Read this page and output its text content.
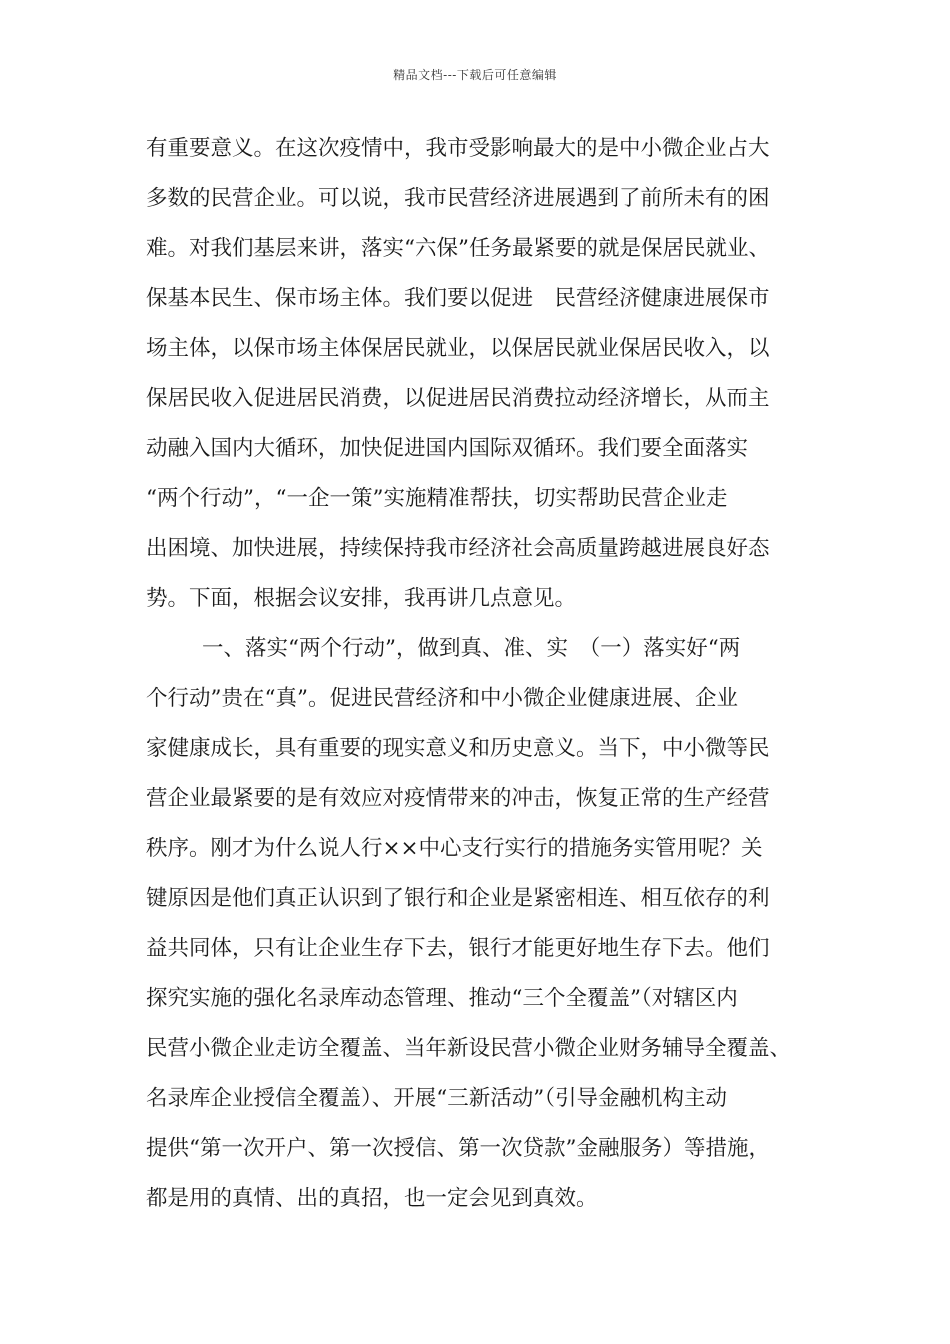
精品文档---下载后可任意编辑
有重要意义。在这次疫情中，我市受影响最大的是中小微企业占大
多数的民营企业。可以说，我市民营经济进展遇到了前所未有的困
难。对我们基层来讲，落实“六保”任务最紧要的就是保居民就业、
保基本民生、保市场主体。我们要以促进　民营经济健康进展保市
场主体，以保市场主体保居民就业，以保居民就业保居民收入，以
保居民收入促进居民消费，以促进居民消费拉动经济增长，从而主
动融入国内大循环，加快促进国内国际双循环。我们要全面落实
“两个行动”，“一企一策”实施精准帮扶，切实帮助民营企业走
出困境、加快进展，持续保持我市经济社会高质量跨越进展良好态
势。下面，根据会议安排，我再讲几点意见。
一、落实“两个行动”，做到真、准、实　（一）落实好“两
个行动”贵在“真”。促进民营经济和中小微企业健康进展、企业
家健康成长，具有重要的现实意义和历史意义。当下，中小微等民
营企业最紧要的是有效应对疫情带来的冲击，恢复正常的生产经营
秩序。刚才为什么说人行××中心支行实行的措施务实管用呢？关
键原因是他们真正认识到了银行和企业是紧密相连、相互依存的利
益共同体，只有让企业生存下去，银行才能更好地生存下去。他们
探究实施的强化名录库动态管理、推动“三个全覆盖”（对辖区内
民营小微企业走访全覆盖、当年新设民营小微企业财务辅导全覆盖、
名录库企业授信全覆盖）、开展“三新活动”（引导金融机构主动
提供“第一次开户、第一次授信、第一次贷款”金融服务）等措施，
都是用的真情、出的真招，也一定会见到真效。
